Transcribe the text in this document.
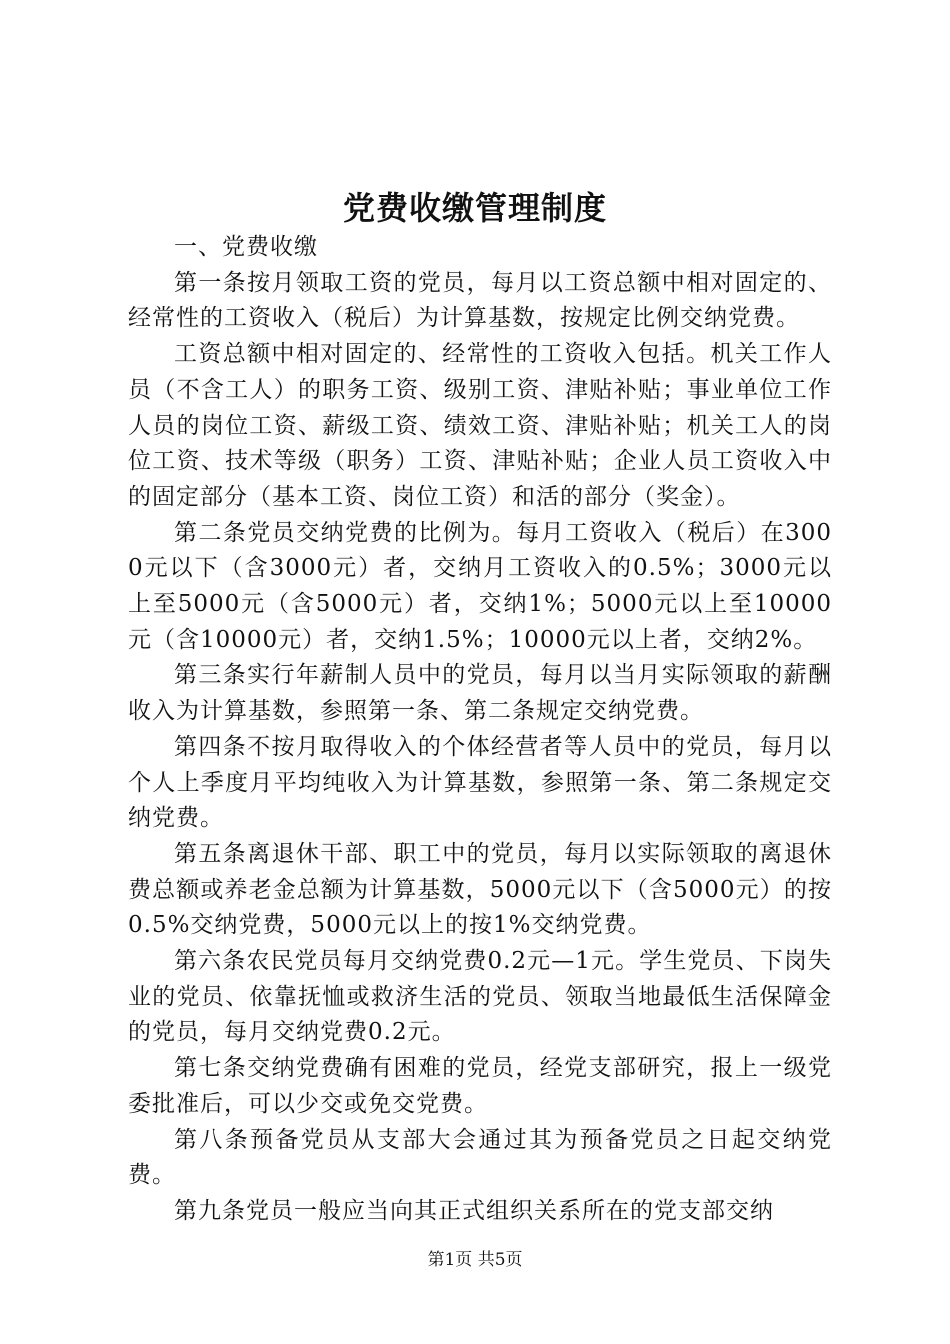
党费收缴管理制度

一、党费收缴

第一条按月领取工资的党员，每月以工资总额中相对固定的、经常性的工资收入（税后）为计算基数，按规定比例交纳党费。

工资总额中相对固定的、经常性的工资收入包括。机关工作人员（不含工人）的职务工资、级别工资、津贴补贴；事业单位工作人员的岗位工资、薪级工资、绩效工资、津贴补贴；机关工人的岗位工资、技术等级（职务）工资、津贴补贴；企业人员工资收入中的固定部分（基本工资、岗位工资）和活的部分（奖金）。

第二条党员交纳党费的比例为。每月工资收入（税后）在3000元以下（含3000元）者，交纳月工资收入的0.5%；3000元以上至5000元（含5000元）者，交纳1%；5000元以上至10000元（含10000元）者，交纳1.5%；10000元以上者，交纳2%。

第三条实行年薪制人员中的党员，每月以当月实际领取的薪酬收入为计算基数，参照第一条、第二条规定交纳党费。

第四条不按月取得收入的个体经营者等人员中的党员，每月以个人上季度月平均纯收入为计算基数，参照第一条、第二条规定交纳党费。

第五条离退休干部、职工中的党员，每月以实际领取的离退休费总额或养老金总额为计算基数，5000元以下（含5000元）的按0.5%交纳党费，5000元以上的按1%交纳党费。

第六条农民党员每月交纳党费0.2元—1元。学生党员、下岗失业的党员、依靠抚恤或救济生活的党员、领取当地最低生活保障金的党员，每月交纳党费0.2元。

第七条交纳党费确有困难的党员，经党支部研究，报上一级党委批准后，可以少交或免交党费。

第八条预备党员从支部大会通过其为预备党员之日起交纳党费。

第九条党员一般应当向其正式组织关系所在的党支部交纳

第1页 共5页
